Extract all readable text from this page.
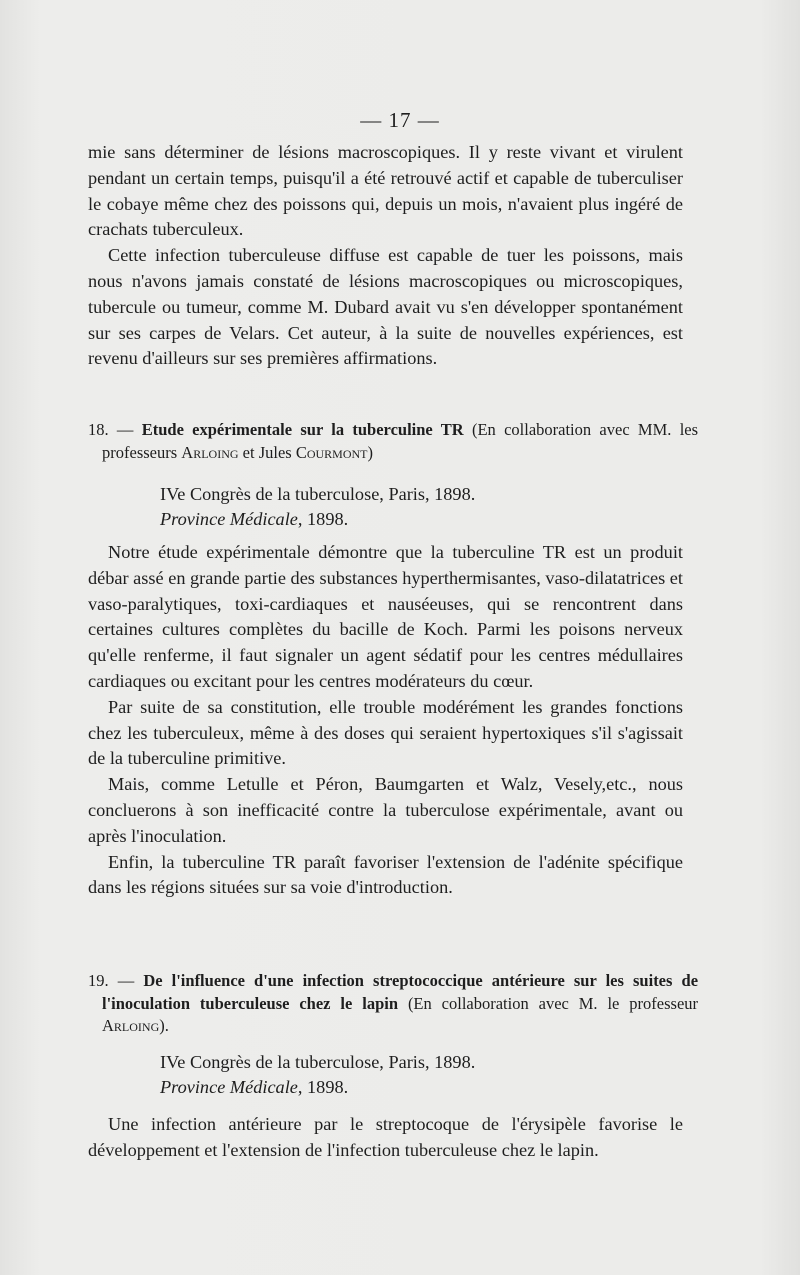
— 17 —

mie sans déterminer de lésions macroscopiques. Il y reste vivant et virulent pendant un certain temps, puisqu'il a été retrouvé actif et capable de tuberculiser le cobaye même chez des poissons qui, depuis un mois, n'avaient plus ingéré de crachats tuberculeux.

Cette infection tuberculeuse diffuse est capable de tuer les poissons, mais nous n'avons jamais constaté de lésions macroscopiques ou microscopiques, tubercule ou tumeur, comme M. Dubard avait vu s'en développer spontanément sur ses carpes de Velars. Cet auteur, à la suite de nouvelles expériences, est revenu d'ailleurs sur ses premières affirmations.

18. — Etude expérimentale sur la tuberculine TR (En collaboration avec MM. les professeurs Arloing et Jules Courmont)
IVe Congrès de la tuberculose, Paris, 1898.
Province Médicale, 1898.

Notre étude expérimentale démontre que la tuberculine TR est un produit débar assé en grande partie des substances hyperthermisantes, vaso-dilatatrices et vaso-paralytiques, toxi-cardiaques et nauséeuses, qui se rencontrent dans certaines cultures complètes du bacille de Koch. Parmi les poisons nerveux qu'elle renferme, il faut signaler un agent sédatif pour les centres médullaires cardiaques ou excitant pour les centres modérateurs du cœur.

Par suite de sa constitution, elle trouble modérément les grandes fonctions chez les tuberculeux, même à des doses qui seraient hypertoxiques s'il s'agissait de la tuberculine primitive.

Mais, comme Letulle et Péron, Baumgarten et Walz, Vesely,etc., nous concluerons à son inefficacité contre la tuberculose expérimentale, avant ou après l'inoculation.

Enfin, la tuberculine TR paraît favoriser l'extension de l'adénite spécifique dans les régions situées sur sa voie d'introduction.

19. — De l'influence d'une infection streptococcique antérieure sur les suites de l'inoculation tuberculeuse chez le lapin (En collaboration avec M. le professeur Arloing).
IVe Congrès de la tuberculose, Paris, 1898.
Province Médicale, 1898.

Une infection antérieure par le streptocoque de l'érysipèle favorise le développement et l'extension de l'infection tuberculeuse chez le lapin.
